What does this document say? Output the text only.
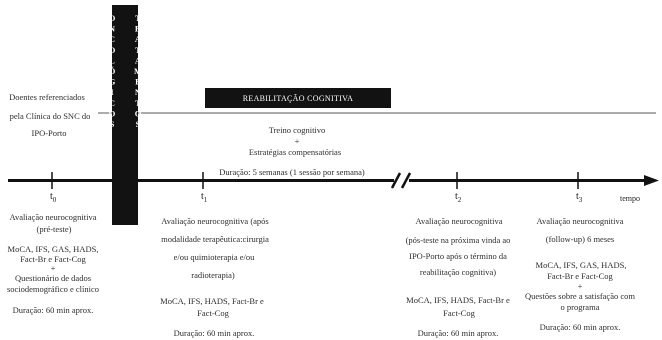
Doentes referenciados
pela Clínica do SNC do
IPO-Porto
TRATAMENTOS ONCOLÓGICOS	REABILITAÇÃO COGNITIVA
Treino cognitivo
+
Estratégias compensatórias
Duração: 5 semanas (1 sessão por semana)
$t_0$	$t_1$	$t_2$	$t_3$	tempo
Avaliação neurocognitiva
(pré-teste)
MoCA, IFS, GAS, HADS,
Fact-Br e Fact-Cog
+
Questionário de dados
sociodemográfico e clínico
Duração: 60 min aprox.
Avaliação neurocognitiva (após
modalidade terapêutica:cirurgia
e/ou quimioterapia e/ou
radioterapia)
MoCA, IFS, HADS, Fact-Br e
Fact-Cog
Duração: 60 min aprox.
Avaliação neurocognitiva
(pós-teste na próxima vinda ao
IPO-Porto após o término da
reabilitação cognitiva)
MoCA, IFS, HADS, Fact-Br e
Fact-Cog
Duração: 60 min aprox.
Avaliação neurocognitiva
(follow-up) 6 meses
MoCA, IFS, GAS, HADS,
Fact-Br e Fact-Cog
+
Questões sobre a satisfação com
o programa
Duração: 60 min aprox.
